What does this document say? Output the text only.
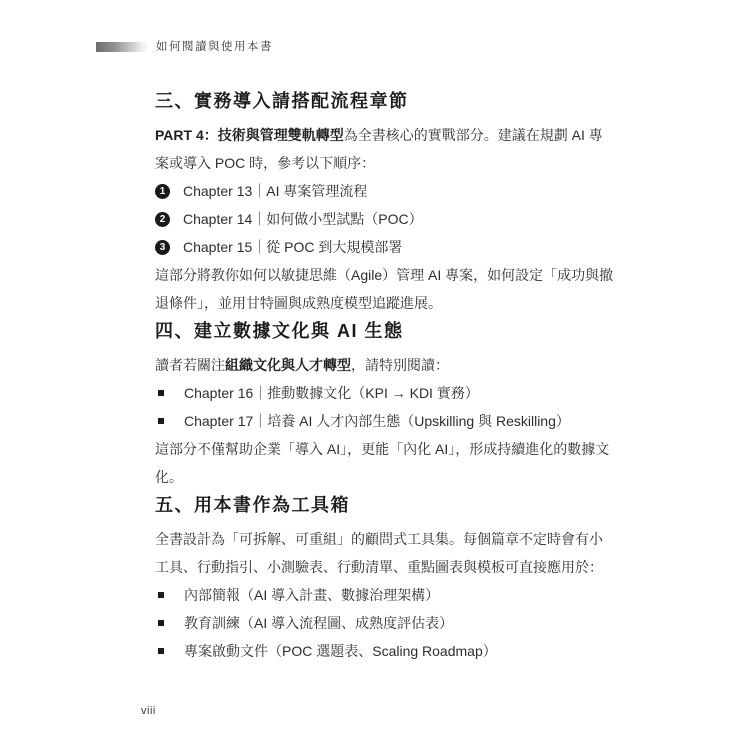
如何閱讀與使用本書
三、實務導入請搭配流程章節

PART 4：技術與管理雙軌轉型為全書核心的實戰部分。建議在規劃 AI 專案或導入 POC 時，參考以下順序：

1	Chapter 13｜AI 專案管理流程
2	Chapter 14｜如何做小型試點（POC）
3	Chapter 15｜從 POC 到大規模部署

這部分將教你如何以敏捷思維（Agile）管理 AI 專案，如何設定「成功與撤退條件」，並用甘特圖與成熟度模型追蹤進展。

四、建立數據文化與 AI 生態

讀者若關注組織文化與人才轉型，請特別閱讀：

Chapter 16｜推動數據文化（KPI → KDI 實務）
Chapter 17｜培養 AI 人才內部生態（Upskilling 與 Reskilling）

這部分不僅幫助企業「導入 AI」，更能「內化 AI」，形成持續進化的數據文化。

五、用本書作為工具箱

全書設計為「可拆解、可重組」的顧問式工具集。每個篇章不定時會有小工具、行動指引、小測驗表、行動清單、重點圖表與模板可直接應用於：

內部簡報（AI 導入計畫、數據治理架構）
教育訓練（AI 導入流程圖、成熟度評估表）
專案啟動文件（POC 選題表、Scaling Roadmap）
viii
